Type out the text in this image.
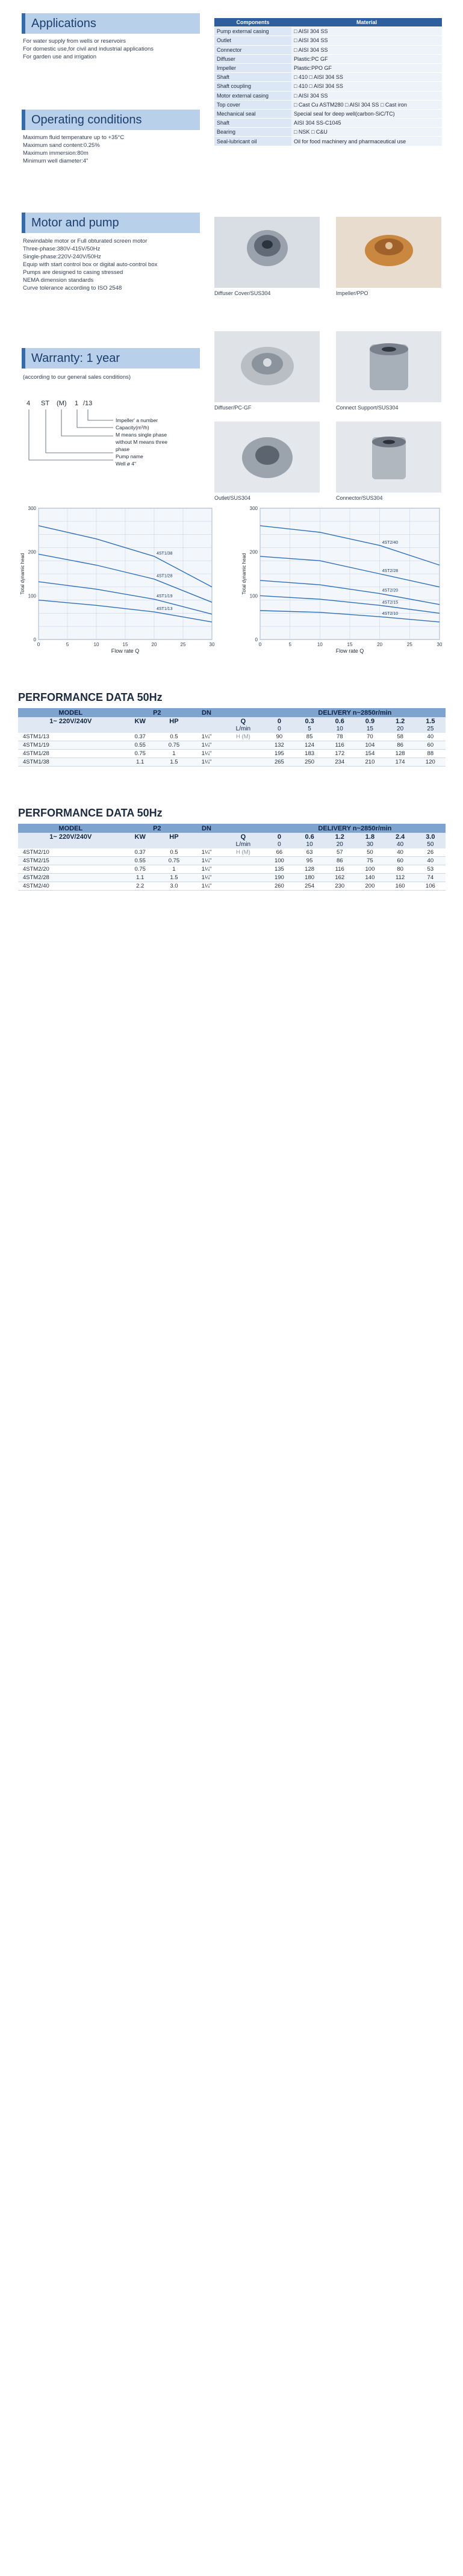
Applications
For water supply from wells or reservoirs
For domestic use,for civil and industrial applications
For garden use and irrigation
Operating conditions
Maximum fluid temperature up to +35°C
Maximum sand content:0.25%
Maximum immersion:80m
Minimum well diameter:4"
Motor and pump
Rewindable motor or Full obturated screen motor
Three-phase:380V-415V/50Hz
Single-phase:220V-240V/50Hz
Equip with start control box or digital auto-control box
Pumps are designed to casing stressed
NEMA dimension standards
Curve tolerance according to ISO 2548
Warranty: 1 year
(according to our general sales conditions)
4 ST (M) 1 /13
Impeller' a number
Capacity(m³/h)
M means single phase without M means three phase
Pump name
Well ø 4"
Components	Material
Pump external casing	□ AISI 304 SS
Outlet	□ AISI 304 SS
Connector	□ AISI 304 SS
Diffuser	Plastic:PC GF
Impeller	Plastic:PPO GF
Shaft	□ 410 □ AISI 304 SS
Shaft coupling	□ 410 □ AISI 304 SS
Motor external casing	□ AISI 304 SS
Top cover	□ Cast Cu ASTM280 □ AISI 304 SS □ Cast iron
Mechanical seal	Special seal for deep well(carbon-SiC/TC)
Shaft	AISI 304 SS-C1045
Bearing	□ NSK □ C&U
Seal-lubricant oil	Oil for food machinery and pharmaceutical use
Diffuser Cover/SUS304	Impeller/PPO
Diffuser/PC-GF	Connect Support/SUS304
Outlet/SUS304	Connector/SUS304
0	5	10	15	20	25	30
0
100
200
300
4ST1/38
4ST1/28
4ST1/19
4ST1/13
Flow rate Q
Total dynamic head
0	5	10	15	20	25	30
0
100
200
300
4ST2/40
4ST2/28
4ST2/20
4ST2/15
4ST2/10
Flow rate Q
Total dynamic head
PERFORMANCE DATA 50Hz
MODEL	P2		DN		DELIVERY n~2850r/min					
1~ 220V/240V	KW	HP		Q	0	0.3	0.6	0.9	1.2	1.5
				L/min	0	5	10	15	20	25
4STM1/13	0.37	0.5	1¼"	H (M)	90	85	78	70	58	40
4STM1/19	0.55	0.75	1¼"		132	124	116	104	86	60
4STM1/28	0.75	1	1¼"		195	183	172	154	128	88
4STM1/38	1.1	1.5	1¼"		265	250	234	210	174	120
PERFORMANCE DATA 50Hz
MODEL	P2		DN		DELIVERY n~2850r/min					
1~ 220V/240V	KW	HP		Q	0	0.6	1.2	1.8	2.4	3.0
				L/min	0	10	20	30	40	50
4STM2/10	0.37	0.5	1¼"	H (M)	66	63	57	50	40	26
4STM2/15	0.55	0.75	1¼"		100	95	86	75	60	40
4STM2/20	0.75	1	1¼"		135	128	116	100	80	53
4STM2/28	1.1	1.5	1¼"		190	180	162	140	112	74
4STM2/40	2.2	3.0	1¼"		260	254	230	200	160	106
